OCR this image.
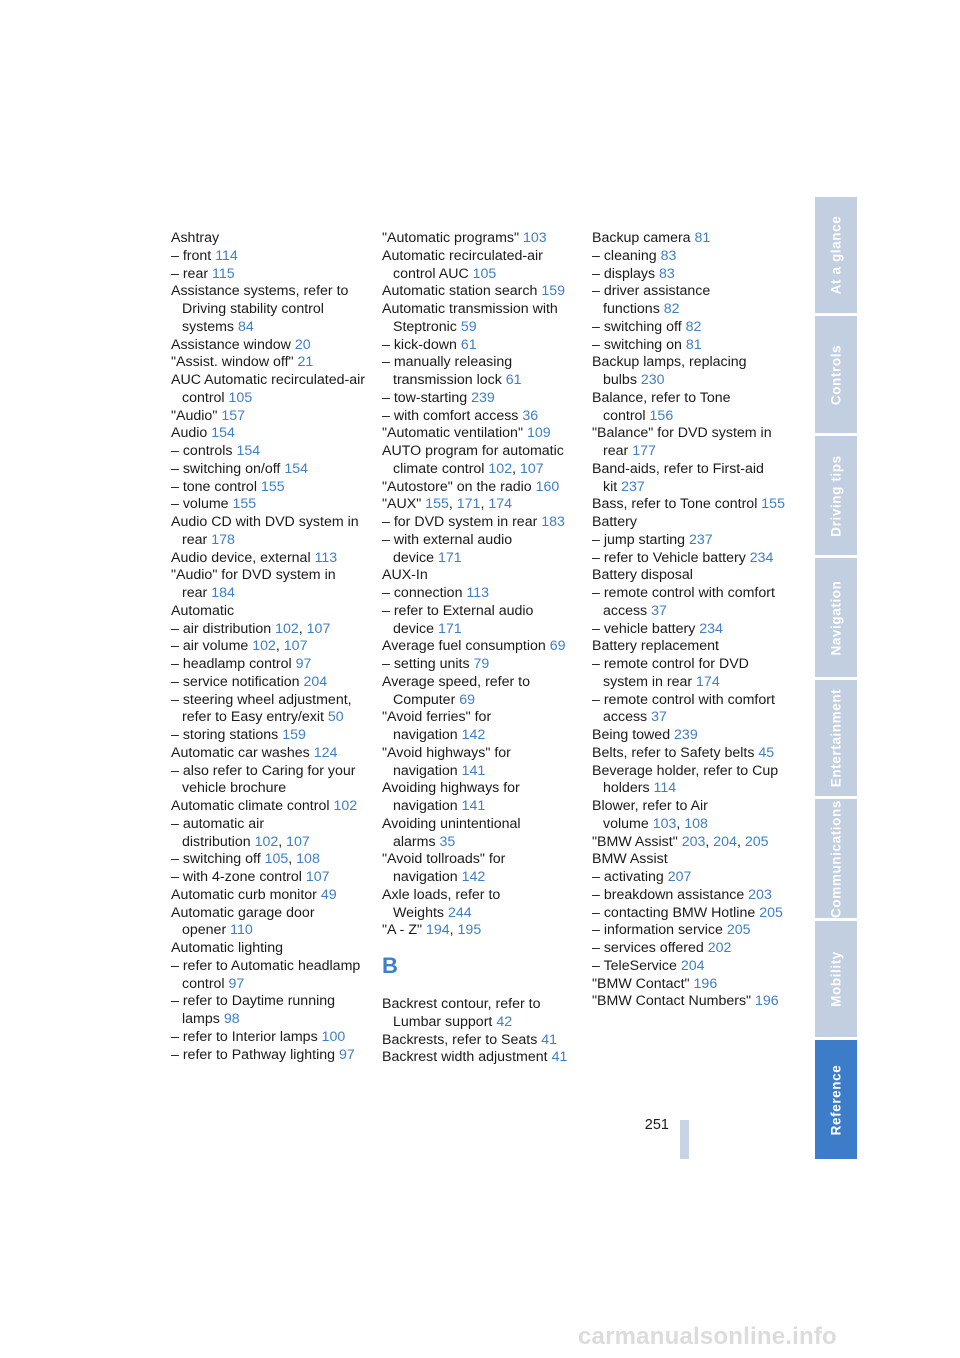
Ashtray
– front 114
– rear 115
Assistance systems, refer to Driving stability control systems 84
Assistance window 20
"Assist. window off" 21
AUC Automatic recirculated-air control 105
"Audio" 157
Audio 154
– controls 154
– switching on/off 154
– tone control 155
– volume 155
Audio CD with DVD system in rear 178
Audio device, external 113
"Audio" for DVD system in rear 184
Automatic
– air distribution 102, 107
– air volume 102, 107
– headlamp control 97
– service notification 204
– steering wheel adjustment, refer to Easy entry/exit 50
– storing stations 159
Automatic car washes 124
– also refer to Caring for your vehicle brochure
Automatic climate control 102
– automatic air distribution 102, 107
– switching off 105, 108
– with 4-zone control 107
Automatic curb monitor 49
Automatic garage door opener 110
Automatic lighting
– refer to Automatic headlamp control 97
– refer to Daytime running lamps 98
– refer to Interior lamps 100
– refer to Pathway lighting 97
"Automatic programs" 103
Automatic recirculated-air control AUC 105
Automatic station search 159
Automatic transmission with Steptronic 59
– kick-down 61
– manually releasing transmission lock 61
– tow-starting 239
– with comfort access 36
"Automatic ventilation" 109
AUTO program for automatic climate control 102, 107
"Autostore" on the radio 160
"AUX" 155, 171, 174
– for DVD system in rear 183
– with external audio device 171
AUX-In
– connection 113
– refer to External audio device 171
Average fuel consumption 69
– setting units 79
Average speed, refer to Computer 69
"Avoid ferries" for navigation 142
"Avoid highways" for navigation 141
Avoiding highways for navigation 141
Avoiding unintentional alarms 35
"Avoid tollroads" for navigation 142
Axle loads, refer to Weights 244
"A - Z" 194, 195
B
Backrest contour, refer to Lumbar support 42
Backrests, refer to Seats 41
Backrest width adjustment 41
Backup camera 81
– cleaning 83
– displays 83
– driver assistance functions 82
– switching off 82
– switching on 81
Backup lamps, replacing bulbs 230
Balance, refer to Tone control 156
"Balance" for DVD system in rear 177
Band-aids, refer to First-aid kit 237
Bass, refer to Tone control 155
Battery
– jump starting 237
– refer to Vehicle battery 234
Battery disposal
– remote control with comfort access 37
– vehicle battery 234
Battery replacement
– remote control for DVD system in rear 174
– remote control with comfort access 37
Being towed 239
Belts, refer to Safety belts 45
Beverage holder, refer to Cup holders 114
Blower, refer to Air volume 103, 108
"BMW Assist" 203, 204, 205
BMW Assist
– activating 207
– breakdown assistance 203
– contacting BMW Hotline 205
– information service 205
– services offered 202
– TeleService 204
"BMW Contact" 196
"BMW Contact Numbers" 196
At a glance
Controls
Driving tips
Navigation
Entertainment
Communications
Mobility
Reference
251
carmanualsonline.info
